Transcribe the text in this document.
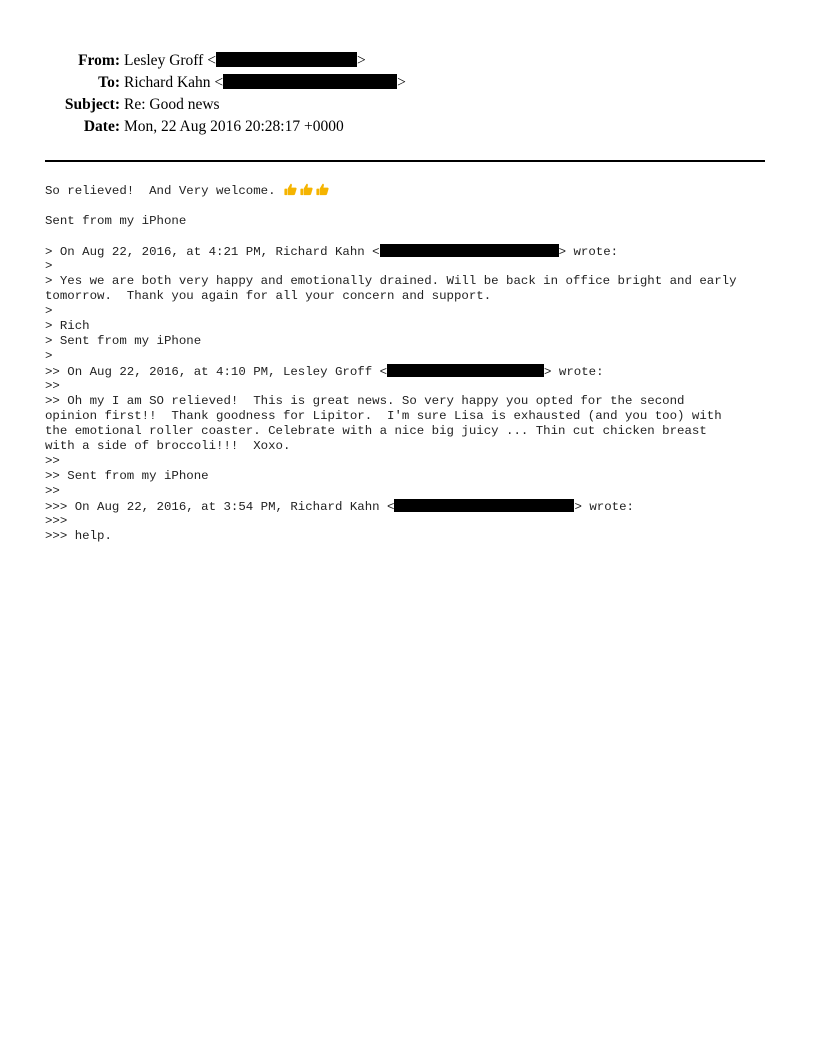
From: Lesley Groff <	>
To: Richard Kahn <	>
Subject: Re: Good news
Date: Mon, 22 Aug 2016 20:28:17 +0000
So relieved!  And Very welcome.
Sent from my iPhone
> On Aug 22, 2016, at 4:21 PM, Richard Kahn <	> wrote:
>
> Yes we are both very happy and emotionally drained. Will be back in office bright and early
tomorrow.  Thank you again for all your concern and support.
>
> Rich
> Sent from my iPhone
>
>> On Aug 22, 2016, at 4:10 PM, Lesley Groff <	> wrote:
>>
>> Oh my I am SO relieved!  This is great news. So very happy you opted for the second
opinion first!!  Thank goodness for Lipitor.  I'm sure Lisa is exhausted (and you too) with
the emotional roller coaster. Celebrate with a nice big juicy ... Thin cut chicken breast
with a side of broccoli!!!  Xoxo.
>>
>> Sent from my iPhone
>>
>>> On Aug 22, 2016, at 3:54 PM, Richard Kahn <	> wrote:
>>>
>>> help.
